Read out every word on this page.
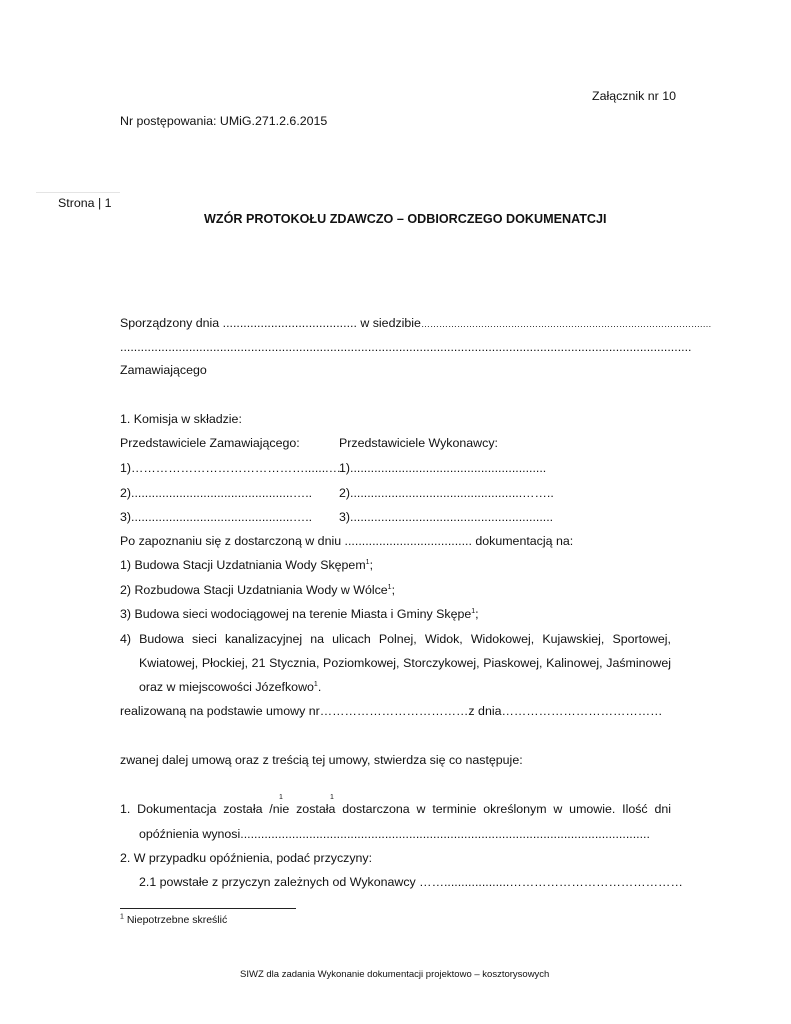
Załącznik nr 10
Nr postępowania: UMiG.271.2.6.2015
Strona | 1
WZÓR PROTOKOŁU ZDAWCZO – ODBIORCZEGO DOKUMENATCJI
Sporządzony dnia ....................................... w siedzibie………………………………………………………………………………….…
......................................................................................................................................................................
Zamawiającego
1. Komisja w składzie:
Przedstawiciele Zamawiającego:	Przedstawiciele Wykonawcy:
1)…………………………………….......….
1).........................................................
2)...............................................….. 2)..................................................……..
3)...............................................….. 3)...........................................................
Po zapoznaniu się z dostarczoną w dniu ..................................... dokumentacją na:
1) Budowa Stacji Uzdatniania Wody Skępem$^1$;
2) Rozbudowa Stacji Uzdatniania Wody w Wólce$^1$;
3) Budowa sieci wodociągowej na terenie Miasta i Gminy Skępe$^1$;
4) Budowa sieci kanalizacyjnej na ulicach Polnej, Widok, Widokowej, Kujawskiej, Sportowej,
Kwiatowej, Płockiej, 21 Stycznia, Poziomkowej, Storczykowej, Piaskowej, Kalinowej, Jaśminowej
oraz w miejscowości Józefkowo$^1$.
realizowaną na podstawie umowy nr………………………………z dnia…………………………………
zwanej dalej umową oraz z treścią tej umowy, stwierdza się co następuje:
1. Dokumentacja została /nie została dostarczona w terminie określonym w umowie. Ilość dni
1	1
opóźnienia wynosi.......................................................................................................................
2. W przypadku opóźnienia, podać przyczyny:
2.1 powstałe z przyczyn zależnych od Wykonawcy ……...................……………………………………
$^1$ Niepotrzebne skreślić
SIWZ dla zadania Wykonanie dokumentacji projektowo – kosztorysowych
